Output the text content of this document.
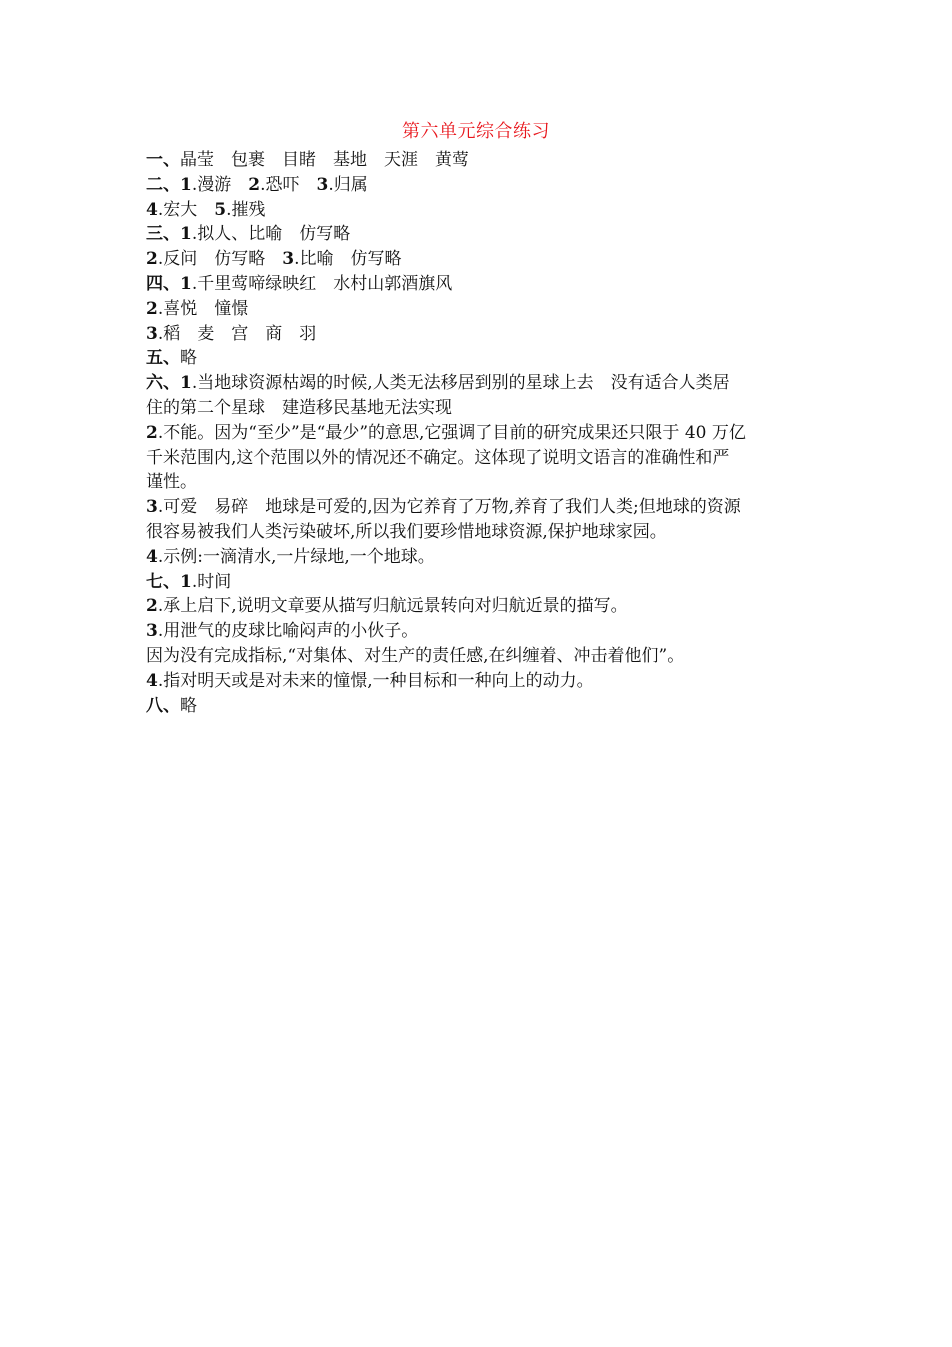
第六单元综合练习
一、晶莹　包裹　目睹　基地　天涯　黄莺
二、1.漫游　2.恐吓　3.归属
4.宏大　5.摧残
三、1.拟人、比喻　仿写略
2.反问　仿写略　3.比喻　仿写略
四、1.千里莺啼绿映红　水村山郭酒旗风
2.喜悦　憧憬
3.稻　麦　宫　商　羽
五、略
六、1.当地球资源枯竭的时候,人类无法移居到别的星球上去　没有适合人类居
住的第二个星球　建造移民基地无法实现
2.不能。因为“至少”是“最少”的意思,它强调了目前的研究成果还只限于 40 万亿
千米范围内,这个范围以外的情况还不确定。这体现了说明文语言的准确性和严
谨性。
3.可爱　易碎　地球是可爱的,因为它养育了万物,养育了我们人类;但地球的资源
很容易被我们人类污染破坏,所以我们要珍惜地球资源,保护地球家园。
4.示例:一滴清水,一片绿地,一个地球。
七、1.时间
2.承上启下,说明文章要从描写归航远景转向对归航近景的描写。
3.用泄气的皮球比喻闷声的小伙子。
因为没有完成指标,“对集体、对生产的责任感,在纠缠着、冲击着他们”。
4.指对明天或是对未来的憧憬,一种目标和一种向上的动力。
八、略
